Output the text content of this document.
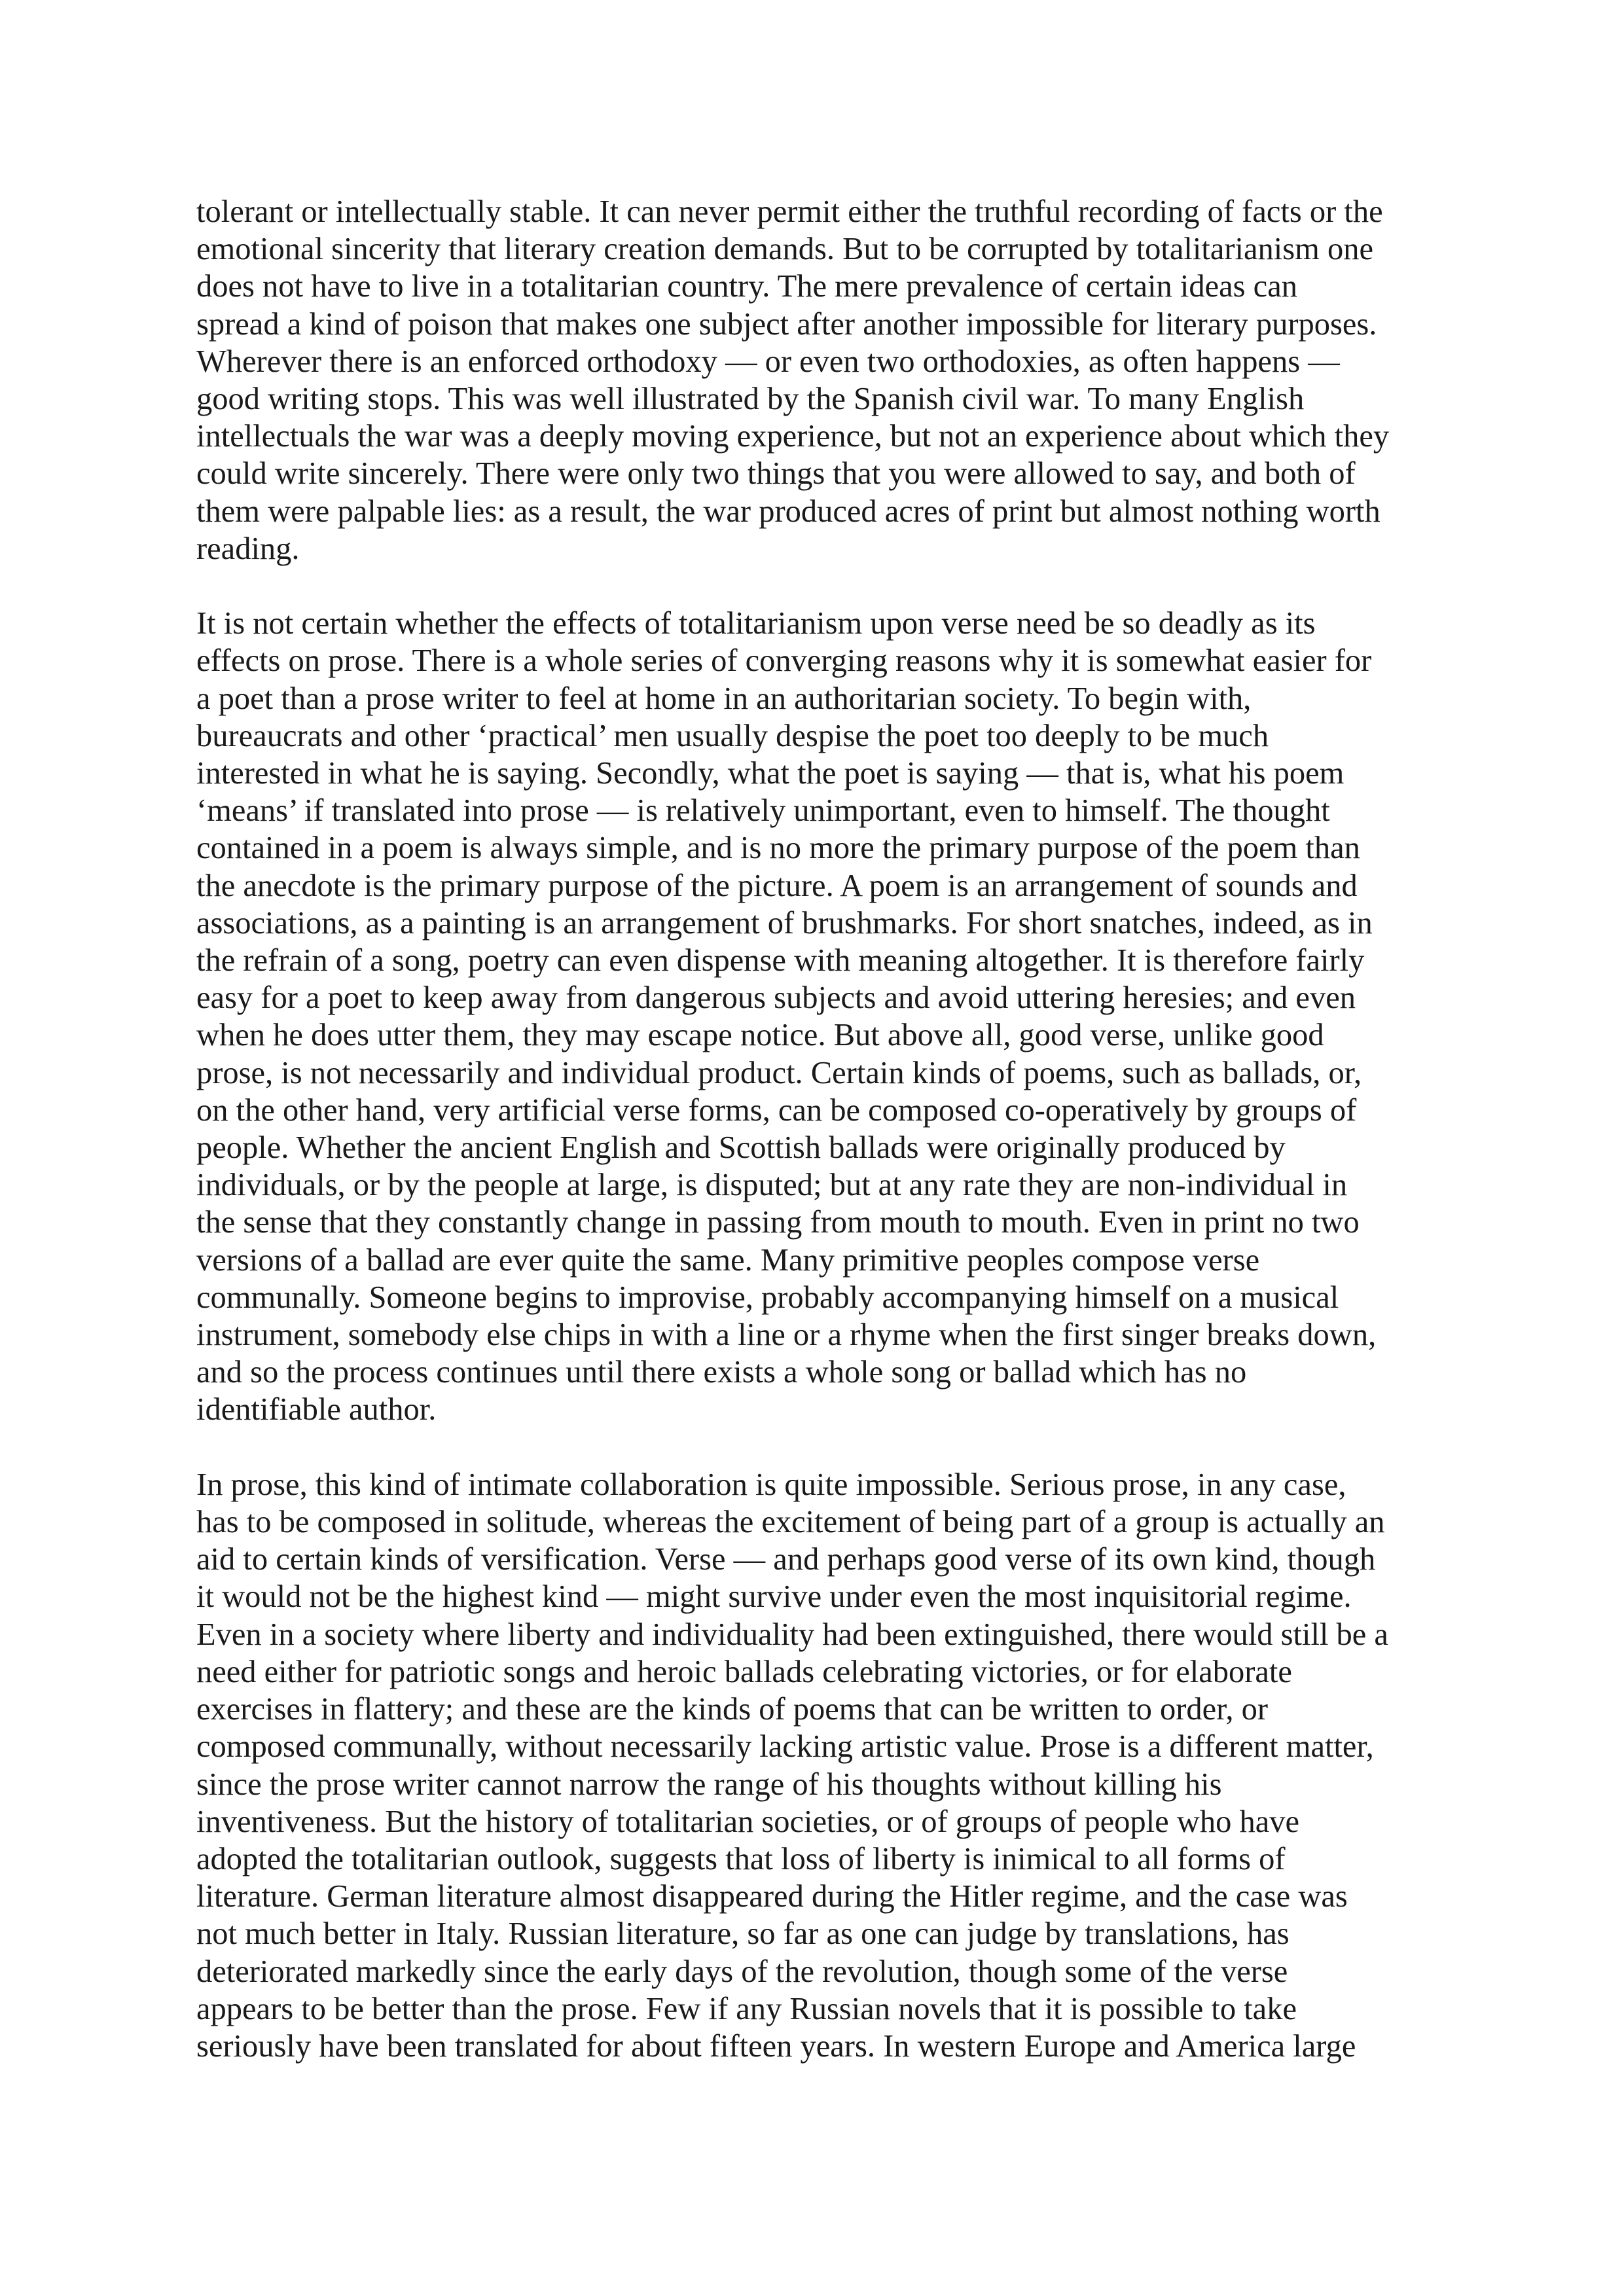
tolerant or intellectually stable. It can never permit either the truthful recording of facts or the
emotional sincerity that literary creation demands. But to be corrupted by totalitarianism one
does not have to live in a totalitarian country. The mere prevalence of certain ideas can
spread a kind of poison that makes one subject after another impossible for literary purposes.
Wherever there is an enforced orthodoxy — or even two orthodoxies, as often happens —
good writing stops. This was well illustrated by the Spanish civil war. To many English
intellectuals the war was a deeply moving experience, but not an experience about which they
could write sincerely. There were only two things that you were allowed to say, and both of
them were palpable lies: as a result, the war produced acres of print but almost nothing worth
reading.

It is not certain whether the effects of totalitarianism upon verse need be so deadly as its
effects on prose. There is a whole series of converging reasons why it is somewhat easier for
a poet than a prose writer to feel at home in an authoritarian society. To begin with,
bureaucrats and other ‘practical’ men usually despise the poet too deeply to be much
interested in what he is saying. Secondly, what the poet is saying — that is, what his poem
‘means’ if translated into prose — is relatively unimportant, even to himself. The thought
contained in a poem is always simple, and is no more the primary purpose of the poem than
the anecdote is the primary purpose of the picture. A poem is an arrangement of sounds and
associations, as a painting is an arrangement of brushmarks. For short snatches, indeed, as in
the refrain of a song, poetry can even dispense with meaning altogether. It is therefore fairly
easy for a poet to keep away from dangerous subjects and avoid uttering heresies; and even
when he does utter them, they may escape notice. But above all, good verse, unlike good
prose, is not necessarily and individual product. Certain kinds of poems, such as ballads, or,
on the other hand, very artificial verse forms, can be composed co-operatively by groups of
people. Whether the ancient English and Scottish ballads were originally produced by
individuals, or by the people at large, is disputed; but at any rate they are non-individual in
the sense that they constantly change in passing from mouth to mouth. Even in print no two
versions of a ballad are ever quite the same. Many primitive peoples compose verse
communally. Someone begins to improvise, probably accompanying himself on a musical
instrument, somebody else chips in with a line or a rhyme when the first singer breaks down,
and so the process continues until there exists a whole song or ballad which has no
identifiable author.

In prose, this kind of intimate collaboration is quite impossible. Serious prose, in any case,
has to be composed in solitude, whereas the excitement of being part of a group is actually an
aid to certain kinds of versification. Verse — and perhaps good verse of its own kind, though
it would not be the highest kind — might survive under even the most inquisitorial regime.
Even in a society where liberty and individuality had been extinguished, there would still be a
need either for patriotic songs and heroic ballads celebrating victories, or for elaborate
exercises in flattery; and these are the kinds of poems that can be written to order, or
composed communally, without necessarily lacking artistic value. Prose is a different matter,
since the prose writer cannot narrow the range of his thoughts without killing his
inventiveness. But the history of totalitarian societies, or of groups of people who have
adopted the totalitarian outlook, suggests that loss of liberty is inimical to all forms of
literature. German literature almost disappeared during the Hitler regime, and the case was
not much better in Italy. Russian literature, so far as one can judge by translations, has
deteriorated markedly since the early days of the revolution, though some of the verse
appears to be better than the prose. Few if any Russian novels that it is possible to take
seriously have been translated for about fifteen years. In western Europe and America large
